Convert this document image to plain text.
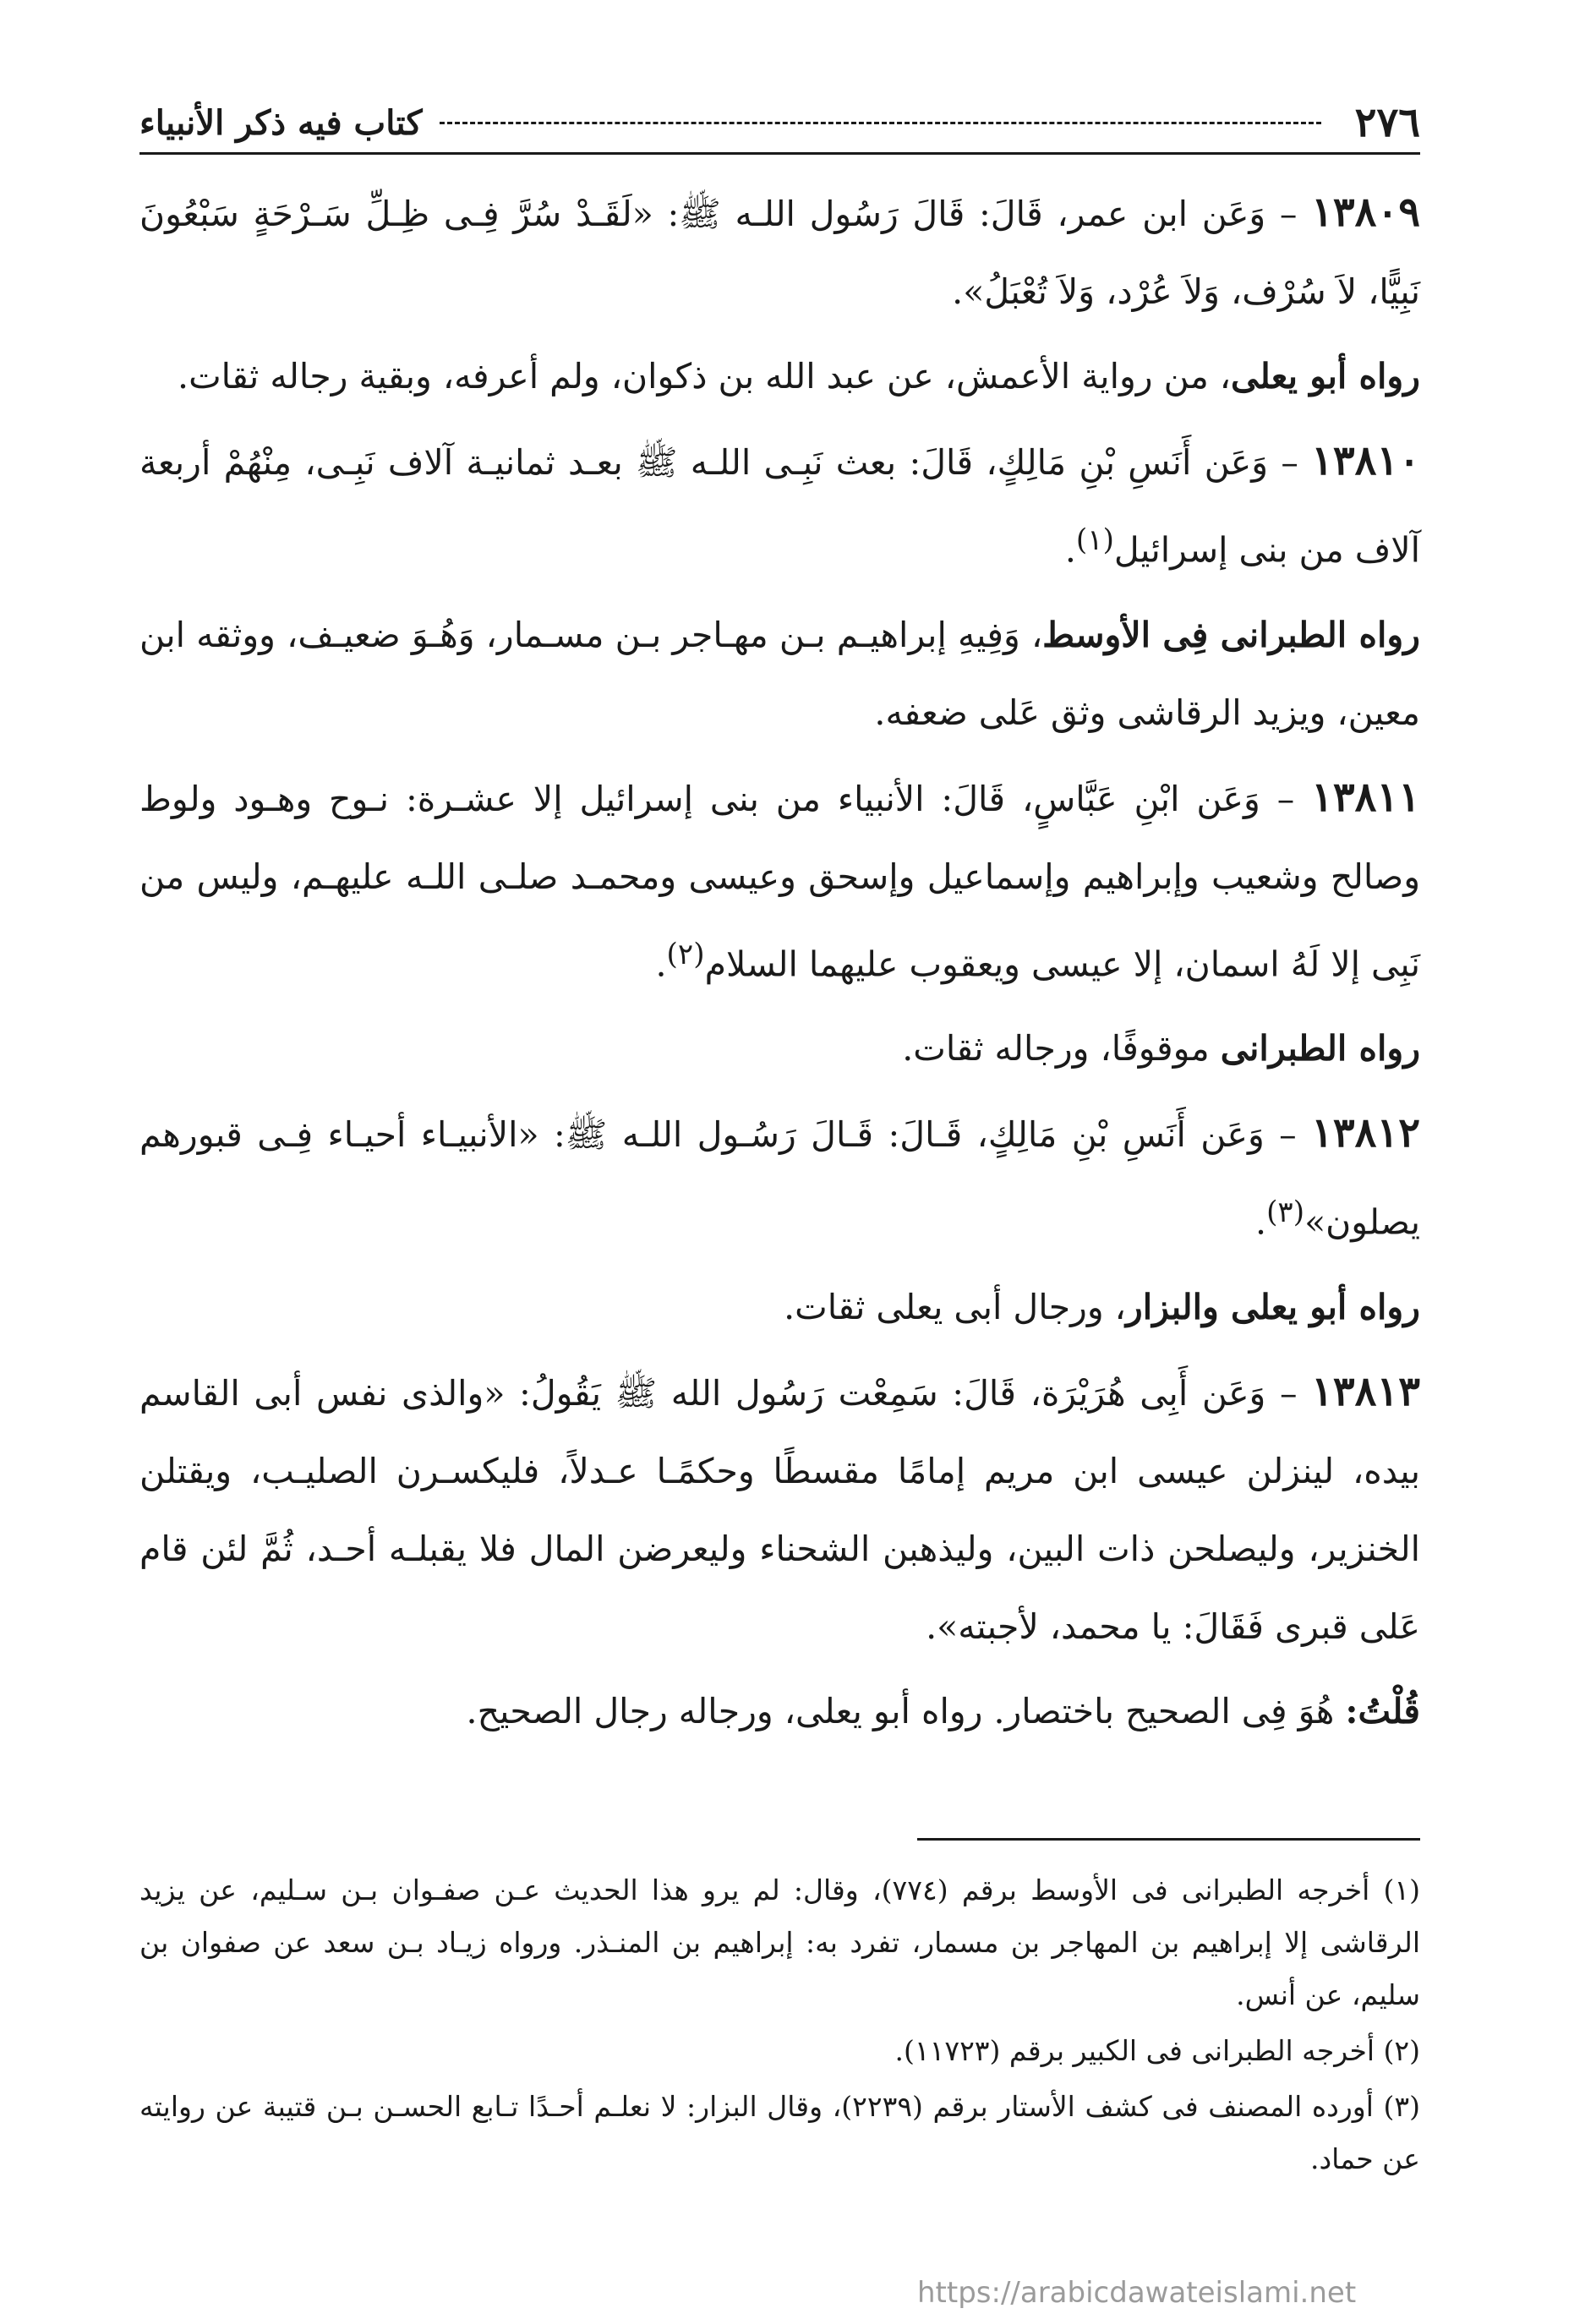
٢٧٦
كتاب فيه ذكر الأنبياء

١٣٨٠٩ – وَعَن ابن عمر، قَالَ: قَالَ رَسُول اللـه ﷺ: «لَقَـدْ سُرَّ فِـى ظِـلِّ سَـرْحَةٍ سَبْعُونَ نَبِيًّا، لاَ سُرْف، وَلاَ عُرْد، وَلاَ تُعْبَلُ».

رواه أبو يعلى، من رواية الأعمش، عن عبد الله بن ذكوان، ولم أعرفه، وبقية رجاله ثقات.

١٣٨١٠ – وَعَن أَنَسِ بْنِ مَالِكٍ، قَالَ: بعث نَبِـى اللـه ﷺ بعـد ثمانيـة آلاف نَبِـى، مِنْهُمْ أربعة آلاف من بنى إسرائيل$^{(١)}$.

رواه الطبرانى فِى الأوسط، وَفِيهِ إبراهيـم بـن مهـاجر بـن مسـمار، وَهُـوَ ضعيـف، ووثقه ابن معين، ويزيد الرقاشى وثق عَلى ضعفه.

١٣٨١١ – وَعَن ابْنِ عَبَّاسٍ، قَالَ: الأنبياء من بنى إسرائيل إلا عشـرة: نـوح وهـود ولوط وصالح وشعيب وإبراهيم وإسماعيل وإسحق وعيسى ومحمـد صلـى اللـه عليهـم، وليس من نَبِى إلا لَهُ اسمان، إلا عيسى ويعقوب عليهما السلام$^{(٢)}$.

رواه الطبرانى موقوفًا، ورجاله ثقات.

١٣٨١٢ – وَعَن أَنَسِ بْنِ مَالِكٍ، قَـالَ: قَـالَ رَسُـول اللـه ﷺ: «الأنبيـاء أحيـاء فِـى قبورهم يصلون»$^{(٣)}$.

رواه أبو يعلى والبزار، ورجال أبى يعلى ثقات.

١٣٨١٣ – وَعَن أَبِى هُرَيْرَة، قَالَ: سَمِعْت رَسُول الله ﷺ يَقُولُ: «والذى نفس أبى القاسم بيده، لينزلن عيسى ابن مريم إمامًا مقسطًا وحكمًـا عـدلاً، فليكسـرن الصليـب، ويقتلن الخنزير، وليصلحن ذات البين، وليذهبن الشحناء وليعرضن المال فلا يقبلـه أحـد، ثُمَّ لئن قام عَلى قبرى فَقَالَ: يا محمد، لأجبته».

قُلْتُ: هُوَ فِى الصحيح باختصار. رواه أبو يعلى، ورجاله رجال الصحيح.

(١) أخرجه الطبرانى فى الأوسط برقم (٧٧٤)، وقال: لم يرو هذا الحديث عـن صفـوان بـن سـليم، عن يزيد الرقاشى إلا إبراهيم بن المهاجر بن مسمار، تفرد به: إبراهيم بن المنـذر. ورواه زيـاد بـن سعد عن صفوان بن سليم، عن أنس.

(٢) أخرجه الطبرانى فى الكبير برقم (١١٧٢٣).

(٣) أورده المصنف فى كشف الأستار برقم (٢٢٣٩)، وقال البزار: لا نعلـم أحـدًا تـابع الحسـن بـن قتيبة عن روايته عن حماد.

https://arabicdawateislami.net
